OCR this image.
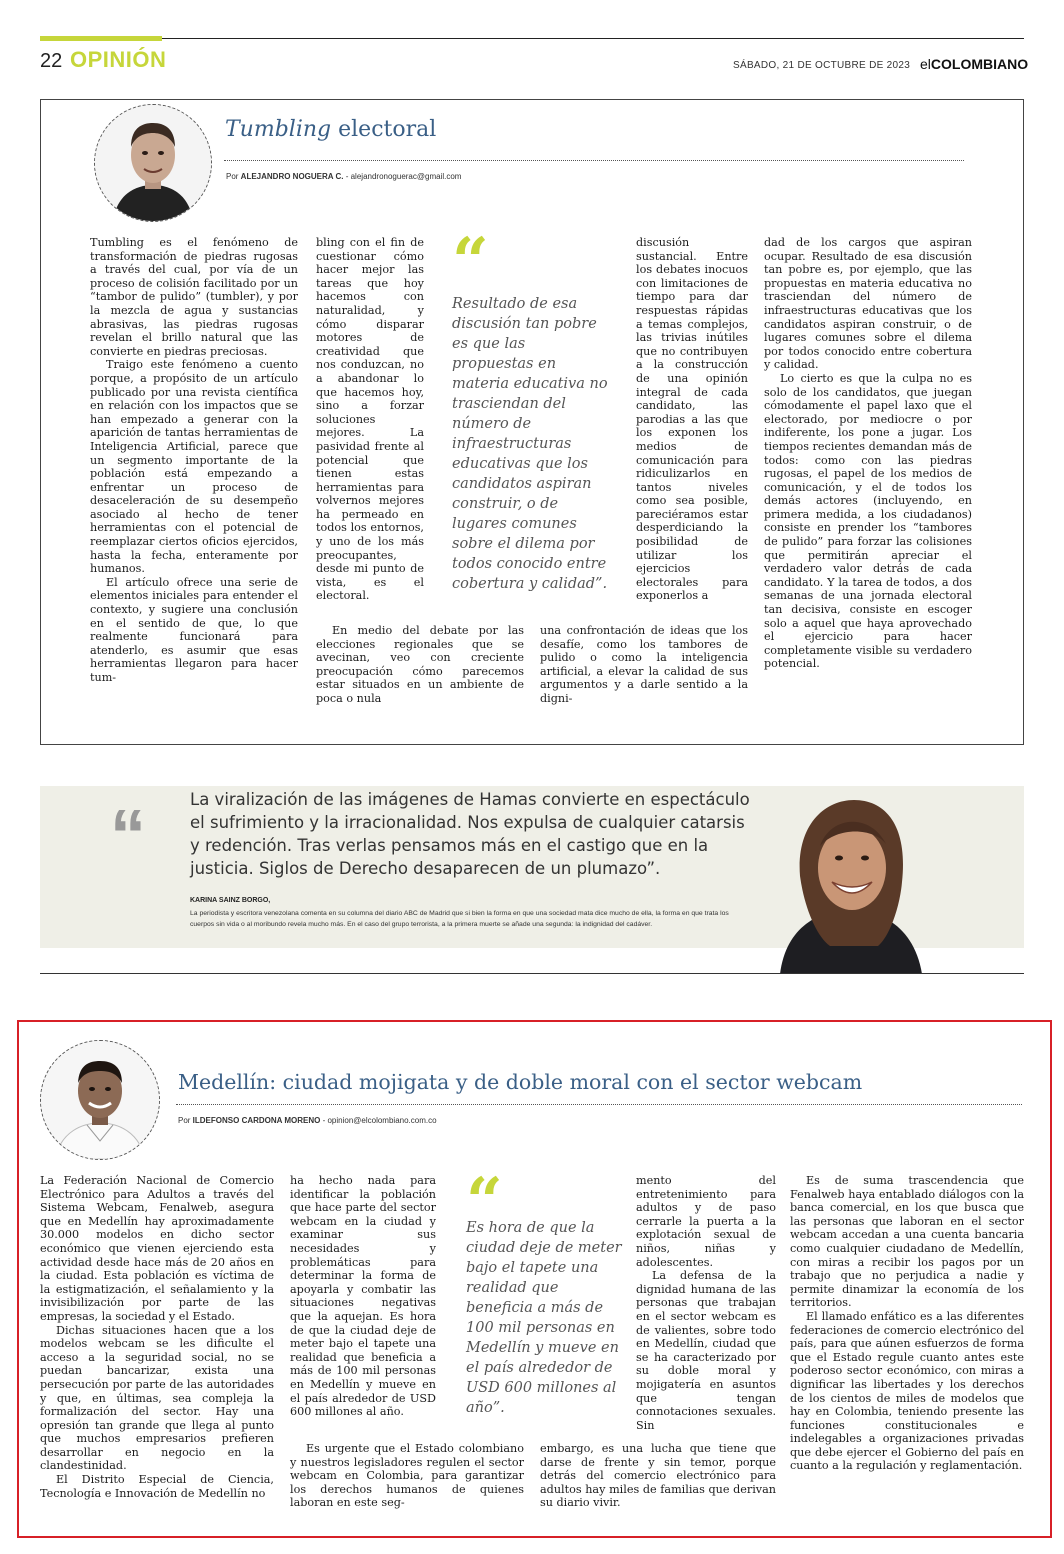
22 OPINIÓN	SÁBADO, 21 DE OCTUBRE DE 2023 elCOLOMBIANO
Tumbling electoral
Por ALEJANDRO NOGUERA C. - alejandronoguerac@gmail.com

Tumbling es el fenómeno de transformación de piedras rugosas a través del cual, por vía de un proceso de colisión facilitado por un “tambor de pulido” (tumbler), y por la mezcla de agua y sustancias abrasivas, las piedras rugosas revelan el brillo natural que las convierte en piedras preciosas.

Traigo este fenómeno a cuento porque, a propósito de un artículo publicado por una revista científica en relación con los impactos que se han empezado a generar con la aparición de tantas herramientas de Inteligencia Artificial, parece que un segmento importante de la población está empezando a enfrentar un proceso de desaceleración de su desempeño asociado al hecho de tener herramientas con el potencial de reemplazar ciertos oficios ejercidos, hasta la fecha, enteramente por humanos.

El artículo ofrece una serie de elementos iniciales para entender el contexto, y sugiere una conclusión en el sentido de que, lo que realmente funcionará para atenderlo, es asumir que esas herramientas llegaron para hacer tum-

bling con el fin de cuestionar cómo hacer mejor las tareas que hoy hacemos con naturalidad, y cómo disparar motores de creatividad que nos conduzcan, no a abandonar lo que hacemos hoy, sino a forzar soluciones mejores. La pasividad frente al potencial que tienen estas herramientas para volvernos mejores ha permeado en todos los entornos, y uno de los más preocupantes, desde mi punto de vista, es el electoral.

En medio del debate por las elecciones regionales que se avecinan, veo con creciente preocupación cómo parecemos estar situados en un ambiente de poca o nula

“
Resultado de esa discusión tan pobre es que las propuestas en materia educativa no trasciendan del número de infraestructuras educativas que los candidatos aspiran construir, o de lugares comunes sobre el dilema por todos conocido entre cobertura y calidad”.

discusión sustancial. Entre los debates inocuos con limitaciones de tiempo para dar respuestas rápidas a temas complejos, las trivias inútiles que no contribuyen a la construcción de una opinión integral de cada candidato, las parodias a las que los exponen los medios de comunicación para ridiculizarlos en tantos niveles como sea posible, pareciéramos estar desperdiciando la posibilidad de utilizar los ejercicios electorales para exponerlos a

una confrontación de ideas que los desafíe, como los tambores de pulido o como la inteligencia artificial, a elevar la calidad de sus argumentos y a darle sentido a la digni-

dad de los cargos que aspiran ocupar. Resultado de esa discusión tan pobre es, por ejemplo, que las propuestas en materia educativa no trasciendan del número de infraestructuras educativas que los candidatos aspiran construir, o de lugares comunes sobre el dilema por todos conocido entre cobertura y calidad.

Lo cierto es que la culpa no es solo de los candidatos, que juegan cómodamente el papel laxo que el electorado, por mediocre o por indiferente, los pone a jugar. Los tiempos recientes demandan más de todos: como con las piedras rugosas, el papel de los medios de comunicación, y el de todos los demás actores (incluyendo, en primera medida, a los ciudadanos) consiste en prender los “tambores de pulido” para forzar las colisiones que permitirán apreciar el verdadero valor detrás de cada candidato. Y la tarea de todos, a dos semanas de una jornada electoral tan decisiva, consiste en escoger solo a aquel que haya aprovechado el ejercicio para hacer completamente visible su verdadero potencial.

“	La viralización de las imágenes de Hamas convierte en espectáculo el sufrimiento y la irracionalidad. Nos expulsa de cualquier catarsis y redención. Tras verlas pensamos más en el castigo que en la justicia. Siglos de Derecho desaparecen de un plumazo”.
KARINA SAINZ BORGO,
La periodista y escritora venezolana comenta en su columna del diario ABC de Madrid que si bien la forma en que una sociedad mata dice mucho de ella, la forma en que trata los cuerpos sin vida o al moribundo revela mucho más. En el caso del grupo terrorista, a la primera muerte se añade una segunda: la indignidad del cadáver.
Medellín: ciudad mojigata y de doble moral con el sector webcam
Por ILDEFONSO CARDONA MORENO - opinion@elcolombiano.com.co

La Federación Nacional de Comercio Electrónico para Adultos a través del Sistema Webcam, Fenalweb, asegura que en Medellín hay aproximadamente 30.000 modelos en dicho sector económico que vienen ejerciendo esta actividad desde hace más de 20 años en la ciudad. Esta población es víctima de la estigmatización, el señalamiento y la invisibilización por parte de las empresas, la sociedad y el Estado.

Dichas situaciones hacen que a los modelos webcam se les dificulte el acceso a la seguridad social, no se puedan bancarizar, exista una persecución por parte de las autoridades y que, en últimas, sea compleja la formalización del sector. Hay una opresión tan grande que llega al punto que muchos empresarios prefieren desarrollar en negocio en la clandestinidad.

El Distrito Especial de Ciencia, Tecnología e Innovación de Medellín no

ha hecho nada para identificar la población que hace parte del sector webcam en la ciudad y examinar sus necesidades y problemáticas para determinar la forma de apoyarla y combatir las situaciones negativas que la aquejan. Es hora de que la ciudad deje de meter bajo el tapete una realidad que beneficia a más de 100 mil personas en Medellín y mueve en el país alrededor de USD 600 millones al año.

Es urgente que el Estado colombiano y nuestros legisladores regulen el sector webcam en Colombia, para garantizar los derechos humanos de quienes laboran en este seg-

“
Es hora de que la ciudad deje de meter bajo el tapete una realidad que beneficia a más de 100 mil personas en Medellín y mueve en el país alrededor de USD 600 millones al año”.

mento del entretenimiento para adultos y de paso cerrarle la puerta a la explotación sexual de niños, niñas y adolescentes.

La defensa de la dignidad humana de las personas que trabajan en el sector webcam es de valientes, sobre todo en Medellín, ciudad que se ha caracterizado por su doble moral y mojigatería en asuntos que tengan connotaciones sexuales. Sin

embargo, es una lucha que tiene que darse de frente y sin temor, porque detrás del comercio electrónico para adultos hay miles de familias que derivan su diario vivir.

Es de suma trascendencia que Fenalweb haya entablado diálogos con la banca comercial, en los que busca que las personas que laboran en el sector webcam accedan a una cuenta bancaria como cualquier ciudadano de Medellín, con miras a recibir los pagos por un trabajo que no perjudica a nadie y permite dinamizar la economía de los territorios.

El llamado enfático es a las diferentes federaciones de comercio electrónico del país, para que aúnen esfuerzos de forma que el Estado regule cuanto antes este poderoso sector económico, con miras a dignificar las libertades y los derechos de los cientos de miles de modelos que hay en Colombia, teniendo presente las funciones constitucionales e indelegables a organizaciones privadas que debe ejercer el Gobierno del país en cuanto a la regulación y reglamentación.
